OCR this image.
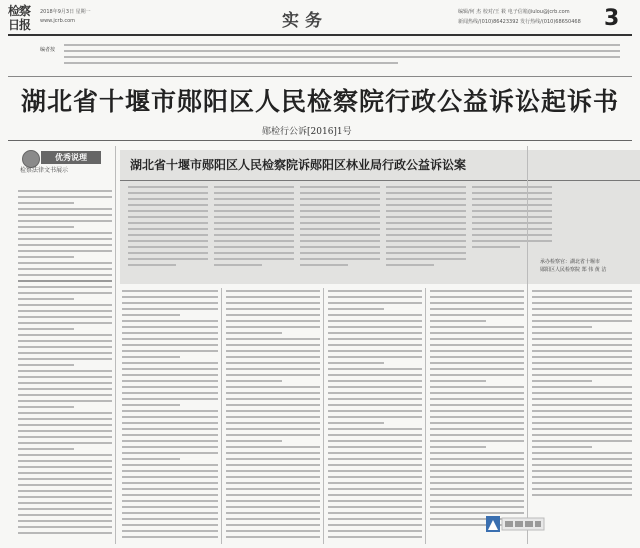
检察日报
2018年9月3日 星期一
www.jcrb.com	实务	编辑/何 杰 校对/王 筱 电子信箱/jiulou@jcrb.com
新闻热线/(010)86423392 发行热线/(010)68650468 3
编者按
湖北省十堰市郧阳区人民检察院行政公益诉讼起诉书
郧检行公诉[2016]1号
优秀说理
检察法律文书展示	湖北省十堰市郧阳区人民检察院诉郧阳区林业局行政公益诉讼案
承办检察官：湖北省十堰市
郧阳区人民检察院 郑 伟 黄 洁
